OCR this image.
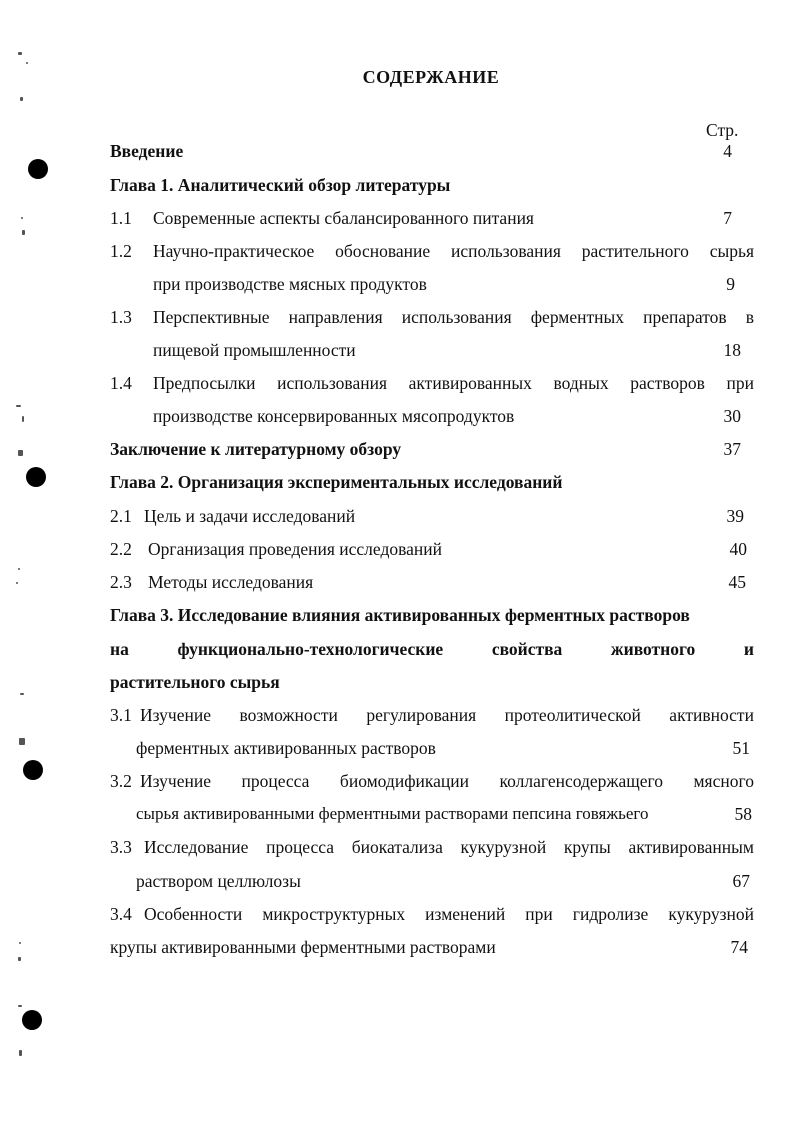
СОДЕРЖАНИЕ
Стр.
Введение	4
Глава 1. Аналитический обзор литературы
1.1 Современные аспекты сбалансированного питания	7
1.2 Научно-практическое обоснование использования растительного сырья
при производстве мясных продуктов	9
1.3 Перспективные направления использования ферментных препаратов в
пищевой промышленности	18
1.4 Предпосылки использования активированных водных растворов при
производстве консервированных мясопродуктов	30
Заключение к литературному обзору	37
Глава 2. Организация экспериментальных исследований
2.1 Цель и задачи исследований	39
2.2 Организация проведения исследований	40
2.3 Методы исследования	45
Глава 3. Исследование влияния активированных ферментных растворов
на	функционально-технологические	свойства	животного	и
растительного сырья
3.1 Изучение возможности регулирования протеолитической активности
ферментных активированных растворов	51
3.2 Изучение процесса биомодификации коллагенсодержащего мясного
сырья активированными ферментными растворами пепсина говяжьего	58
3.3 Исследование процесса биокатализа кукурузной крупы активированным
раствором целлюлозы	67
3.4 Особенности микроструктурных изменений при гидролизе кукурузной
крупы активированными ферментными растворами	74
